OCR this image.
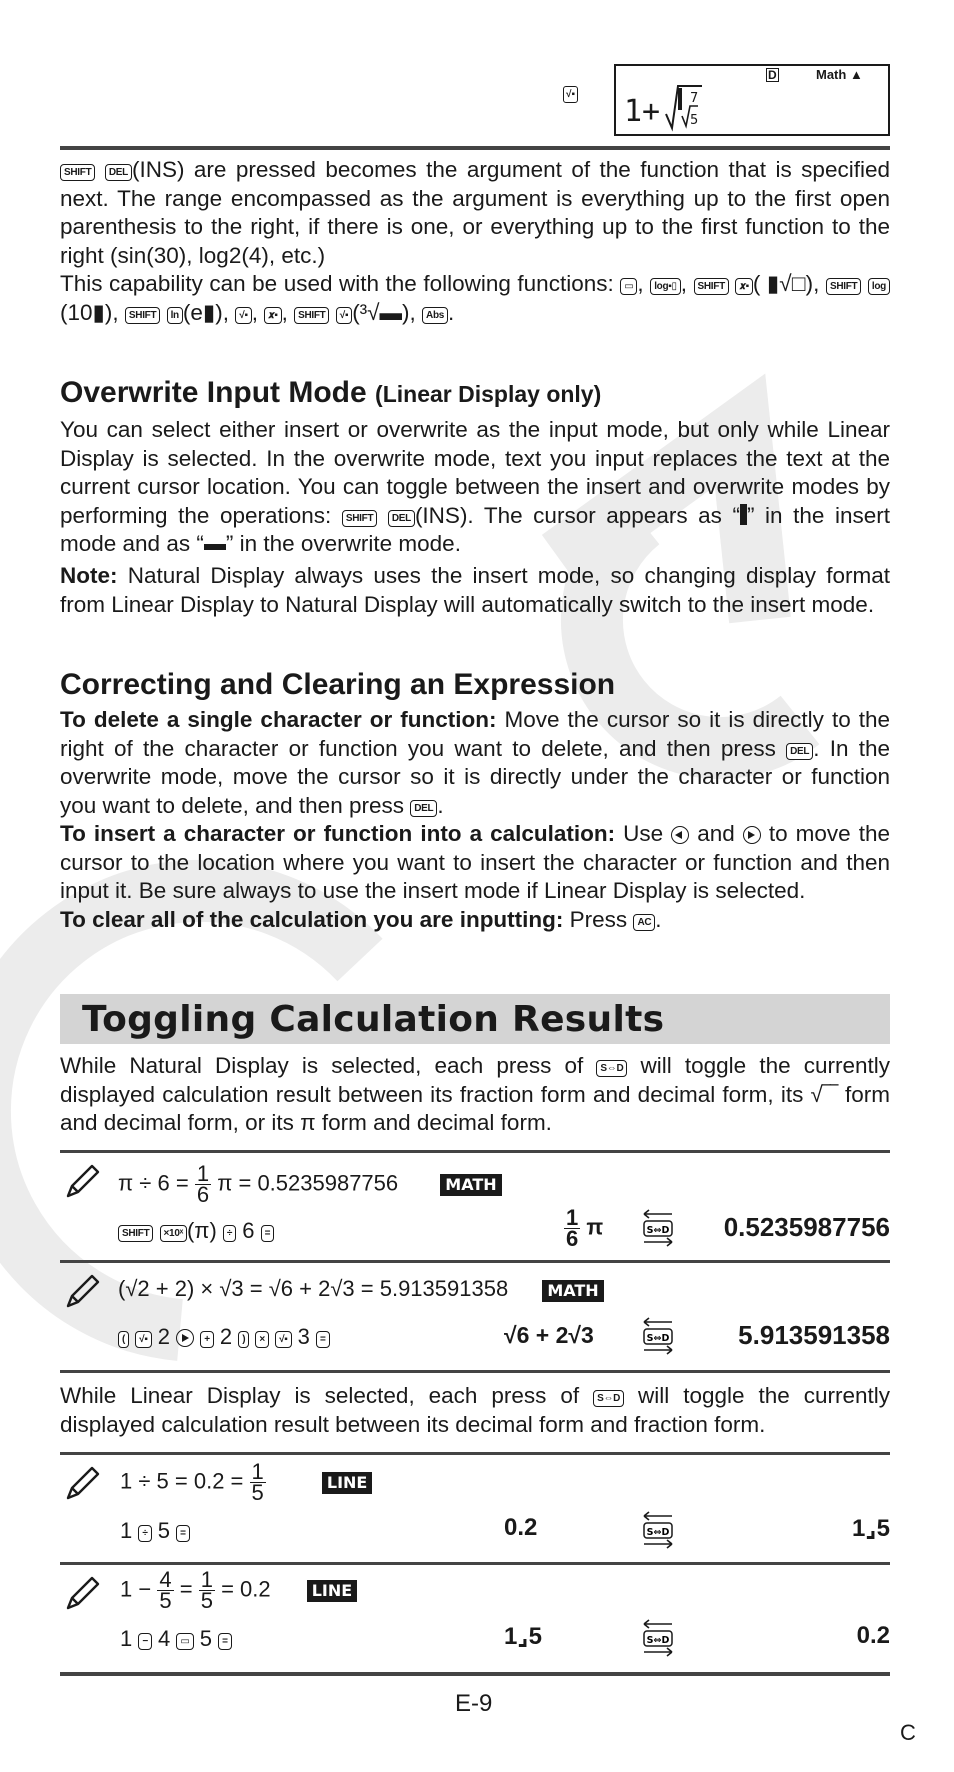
√▪
D	Math ▲
1+ 7
5
SHIFT DEL (INS) are pressed becomes the argument of the function that is specified next. The range encompassed as the argument is everything up to the first open parenthesis to the right, if there is one, or everything up to the first function to the right (sin(30), log2(4), etc.)
This capability can be used with the following functions: ▭ , log▪▯ , SHIFT 𝒙▪ ( ▮√□), SHIFT log(10▮), SHIFT ln (e▮), √▪ , 𝒙▪ , SHIFT √▪ (³√▬), Abs .
Overwrite Input Mode (Linear Display only)
You can select either insert or overwrite as the input mode, but only while Linear Display is selected. In the overwrite mode, text you input replaces the text at the current cursor location. You can toggle between the insert and overwrite modes by performing the operations: SHIFT DEL (INS). The cursor appears as “ ” in the insert mode and as “ ” in the overwrite mode.
Note: Natural Display always uses the insert mode, so changing display format from Linear Display to Natural Display will automatically switch to the insert mode.
Correcting and Clearing an Expression
To delete a single character or function: Move the cursor so it is directly to the right of the character or function you want to delete, and then press DEL . In the overwrite mode, move the cursor so it is directly under the character or function you want to delete, and then press DEL .
To insert a character or function into a calculation: Use  and  to move the cursor to the location where you want to insert the character or function and then input it. Be sure always to use the insert mode if Linear Display is selected.
To clear all of the calculation you are inputting: Press AC .
Toggling Calculation Results
While Natural Display is selected, each press of S⇔D will toggle the currently displayed calculation result between its fraction form and decimal form, its √‾‾ form and decimal form, or its π form and decimal form.
$\pi \div 6 = \frac{1}{6}$ π = 0.5235987756	MATH
SHIFT ×10ˣ (π) ÷ 6 =	$\frac{1}{6}$ π	S⇔D 0.5235987756
(√2 + 2) × √3 = √6 + 2√3 = 5.913591358 MATH
( √▪ 2	+ 2 ) × √▪ 3 =	√6 + 2√3	S⇔D	5.913591358
While Linear Display is selected, each press of S⇔D will toggle the currently displayed calculation result between its decimal form and fraction form.
$1 \div 5 = 0.2 = \frac{1}{5}$	LINE
1 ÷ 5 =	0.2	S⇔D	1⌟5
$1 - \frac{4}{5} = \frac{1}{5} = 0.2$	LINE
1 − 4 ▭ 5 =	1⌟5	S⇔D	0.2
E-9
C
